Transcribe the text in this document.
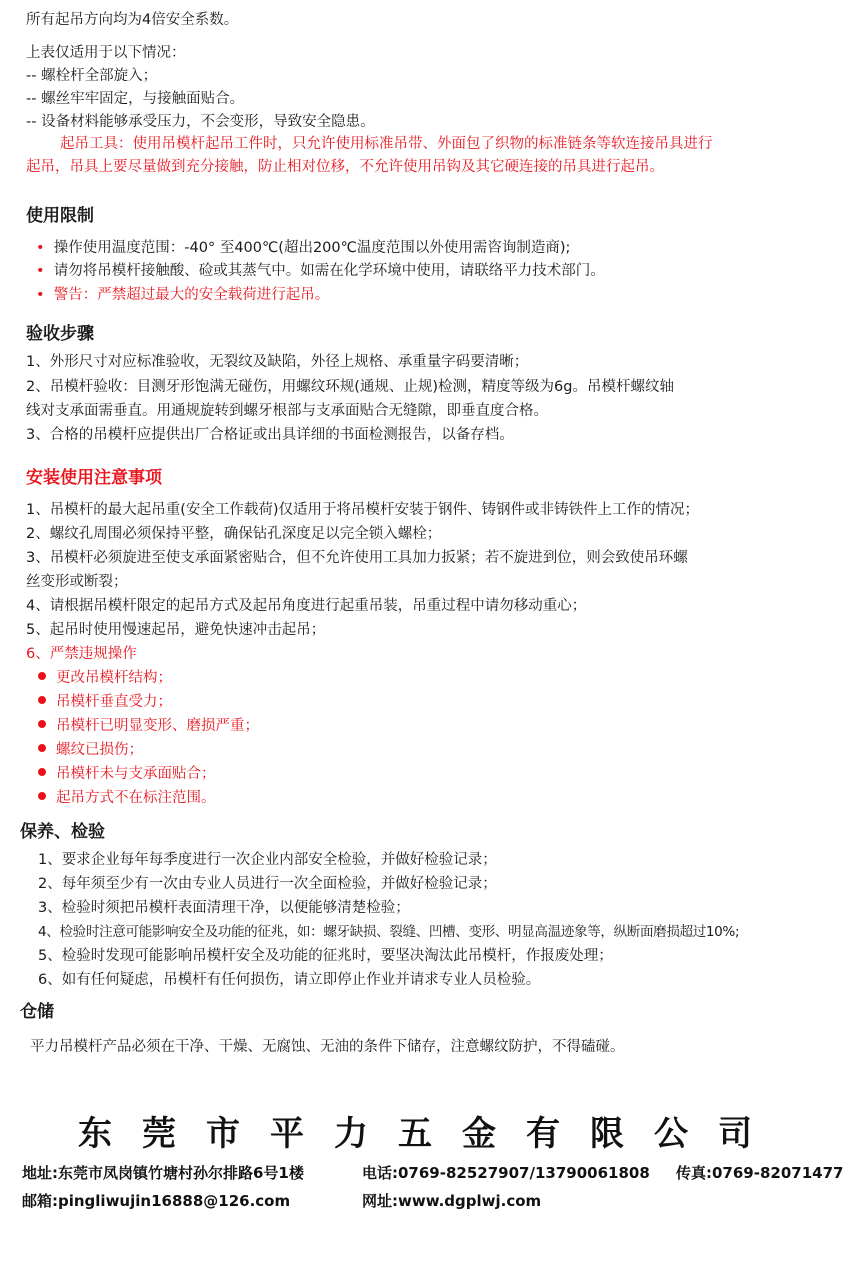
所有起吊方向均为4倍安全系数。
上表仅适用于以下情况：
-- 螺栓杆全部旋入；
-- 螺丝牢牢固定，与接触面贴合。
-- 设备材料能够承受压力，不会变形，导致安全隐患。
起吊工具：使用吊模杆起吊工件时，只允许使用标准吊带、外面包了织物的标准链条等软连接吊具进行
起吊，吊具上要尽量做到充分接触，防止相对位移，不允许使用吊钩及其它硬连接的吊具进行起吊。
使用限制
• 操作使用温度范围：-40° 至400℃(超出200℃温度范围以外使用需咨询制造商);
• 请勿将吊模杆接触酸、硷或其蒸气中。如需在化学环境中使用，请联络平力技术部门。
• 警告：严禁超过最大的安全载荷进行起吊。
验收步骤
1、外形尺寸对应标准验收，无裂纹及缺陷，外径上规格、承重量字码要清晰；
2、吊模杆验收：目测牙形饱满无碰伤，用螺纹环规(通规、止规)检测，精度等级为6g。吊模杆螺纹轴
线对支承面需垂直。用通规旋转到螺牙根部与支承面贴合无缝隙，即垂直度合格。
3、合格的吊模杆应提供出厂合格证或出具详细的书面检测报告，以备存档。
安装使用注意事项
1、吊模杆的最大起吊重(安全工作载荷)仅适用于将吊模杆安装于钢件、铸钢件或非铸铁件上工作的情况；
2、螺纹孔周围必须保持平整，确保钻孔深度足以完全锁入螺栓；
3、吊模杆必须旋进至使支承面紧密贴合，但不允许使用工具加力扳紧；若不旋进到位，则会致使吊环螺
丝变形或断裂；
4、请根据吊模杆限定的起吊方式及起吊角度进行起重吊装，吊重过程中请勿移动重心；
5、起吊时使用慢速起吊，避免快速冲击起吊；
6、严禁违规操作
更改吊模杆结构；
吊模杆垂直受力；
吊模杆已明显变形、磨损严重；
螺纹已损伤；
吊模杆未与支承面贴合；
起吊方式不在标注范围。
保养、检验
1、要求企业每年每季度进行一次企业内部安全检验，并做好检验记录；
2、每年须至少有一次由专业人员进行一次全面检验，并做好检验记录；
3、检验时须把吊模杆表面清理干净，以便能够清楚检验；
4、检验时注意可能影响安全及功能的征兆，如：螺牙缺损、裂缝、凹槽、变形、明显高温迹象等，纵断面磨损超过10%;
5、检验时发现可能影响吊模杆安全及功能的征兆时，要坚决淘汰此吊模杆，作报废处理；
6、如有任何疑虑，吊模杆有任何损伤，请立即停止作业并请求专业人员检验。
仓储
平力吊模杆产品必须在干净、干燥、无腐蚀、无油的条件下储存，注意螺纹防护，不得磕碰。
东莞市平力五金有限公司
地址:东莞市凤岗镇竹塘村孙尔排路6号1楼	电话:0769-82527907/13790061808 传真:0769-82071477
邮箱:pingliwujin16888@126.com	网址:www.dgplwj.com
